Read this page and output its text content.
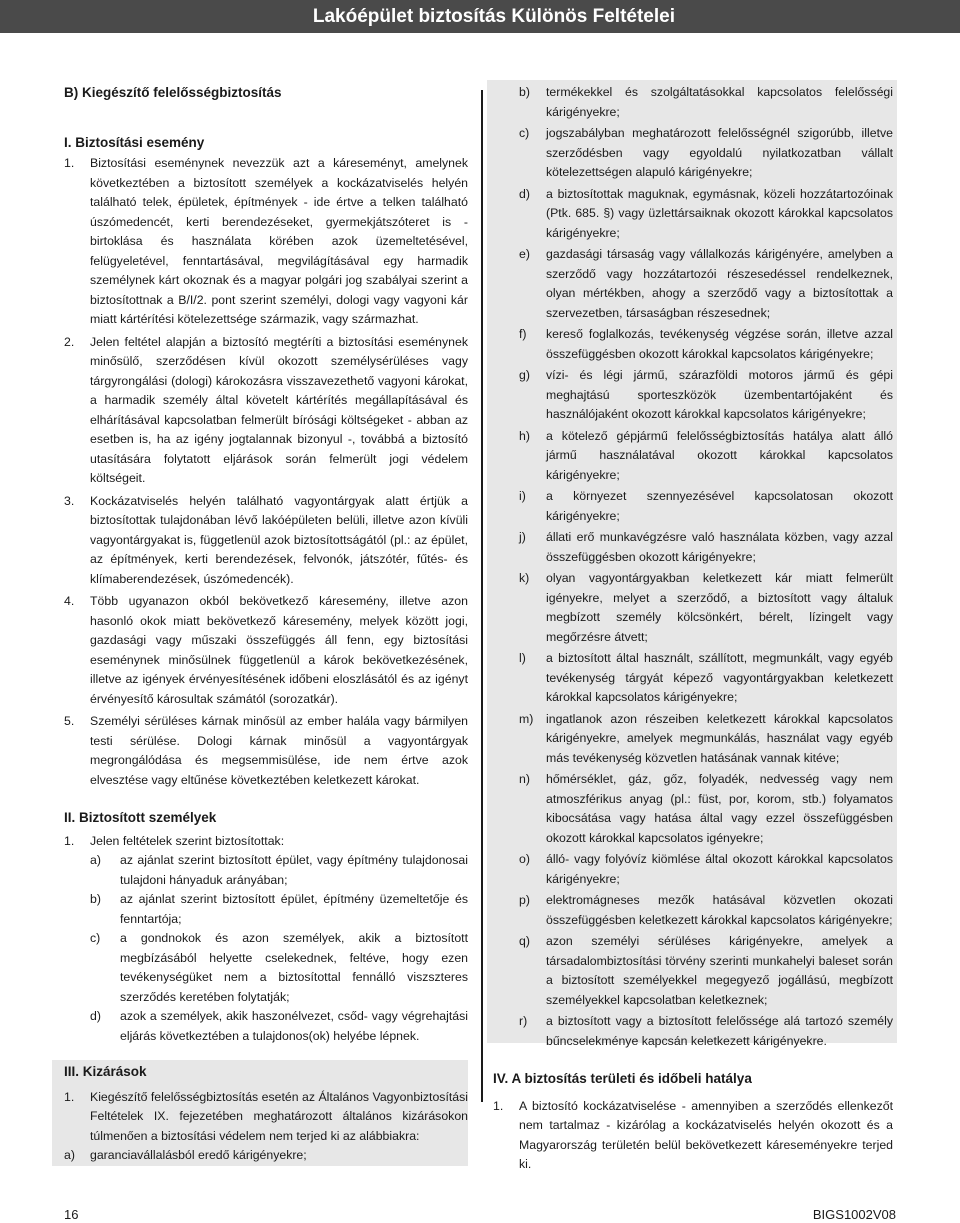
Lakóépület biztosítás Különös Feltételei

B) Kiegészítő felelősségbiztosítás

I. Biztosítási esemény

1. Biztosítási eseménynek nevezzük azt a káreseményt, amelynek következtében a biztosított személyek a kockázatviselés helyén található telek, épületek, építmények - ide értve a telken található úszómedencét, kerti berendezéseket, gyermekjátszóteret is - birtoklása és használata körében azok üzemeltetésével, felügyeletével, fenntartásával, megvilágításával egy harmadik személynek kárt okoznak és a magyar polgári jog szabályai szerint a biztosítottnak a B/I/2. pont szerint személyi, dologi vagy vagyoni kár miatt kártérítési kötelezettsége származik, vagy származhat.
2. Jelen feltétel alapján a biztosító megtéríti a biztosítási eseménynek minősülő, szerződésen kívül okozott személysérüléses vagy tárgyrongálási (dologi) károkozásra visszavezethető vagyoni károkat, a harmadik személy által követelt kártérítés megállapításával és elhárításával kapcsolatban felmerült bírósági költségeket - abban az esetben is, ha az igény jogtalannak bizonyul -, továbbá a biztosító utasítására folytatott eljárások során felmerült jogi védelem költségeit.
3. Kockázatviselés helyén található vagyontárgyak alatt értjük a biztosítottak tulajdonában lévő lakóépületen belüli, illetve azon kívüli vagyontárgyakat is, függetlenül azok biztosítottságától (pl.: az épület, az építmények, kerti berendezések, felvonók, játszótér, fűtés- és klímaberendezések, úszómedencék).
4. Több ugyanazon okból bekövetkező káresemény, illetve azon hasonló okok miatt bekövetkező káresemény, melyek között jogi, gazdasági vagy műszaki összefüggés áll fenn, egy biztosítási eseménynek minősülnek függetlenül a károk bekövetkezésének, illetve az igények érvényesítésének időbeni eloszlásától és az igényt érvényesítő károsultak számától (sorozatkár).
5. Személyi sérüléses kárnak minősül az ember halála vagy bármilyen testi sérülése. Dologi kárnak minősül a vagyontárgyak megrongálódása és megsemmisülése, ide nem értve azok elvesztése vagy eltűnése következtében keletkezett károkat.

II. Biztosított személyek

1. Jelen feltételek szerint biztosítottak:
a) az ajánlat szerint biztosított épület, vagy építmény tulajdonosai tulajdoni hányaduk arányában;
b) az ajánlat szerint biztosított épület, építmény üzemeltetője és fenntartója;
c) a gondnokok és azon személyek, akik a biztosított megbízásából helyette cselekednek, feltéve, hogy ezen tevékenységüket nem a biztosítottal fennálló viszszteres szerződés keretében folytatják;
d) azok a személyek, akik haszonélvezet, csőd- vagy végrehajtási eljárás következtében a tulajdonos(ok) helyébe lépnek.

III. Kizárások

1. Kiegészítő felelősségbiztosítás esetén az Általános Vagyonbiztosítási Feltételek IX. fejezetében meghatározott általános kizárásokon túlmenően a biztosítási védelem nem terjed ki az alábbiakra:
a) garanciavállalásból eredő kárigényekre;
b) termékekkel és szolgáltatásokkal kapcsolatos felelősségi kárigényekre;
c) jogszabályban meghatározott felelősségnél szigorúbb, illetve szerződésben vagy egyoldalú nyilatkozatban vállalt kötelezettségen alapuló kárigényekre;
d) a biztosítottak maguknak, egymásnak, közeli hozzátartozóinak (Ptk. 685. §) vagy üzlettársaiknak okozott károkkal kapcsolatos kárigényekre;
e) gazdasági társaság vagy vállalkozás kárigényére, amelyben a szerződő vagy hozzátartozói részesedéssel rendelkeznek, olyan mértékben, ahogy a szerződő vagy a biztosítottak a szervezetben, társaságban részesednek;
f) kereső foglalkozás, tevékenység végzése során, illetve azzal összefüggésben okozott károkkal kapcsolatos kárigényekre;
g) vízi- és légi jármű, szárazföldi motoros jármű és gépi meghajtású sporteszközök üzembentartójaként és használójaként okozott károkkal kapcsolatos kárigényekre;
h) a kötelező gépjármű felelősségbiztosítás hatálya alatt álló jármű használatával okozott károkkal kapcsolatos kárigényekre;
i) a környezet szennyezésével kapcsolatosan okozott kárigényekre;
j) állati erő munkavégzésre való használata közben, vagy azzal összefüggésben okozott kárigényekre;
k) olyan vagyontárgyakban keletkezett kár miatt felmerült igényekre, melyet a szerződő, a biztosított vagy általuk megbízott személy kölcsönkért, bérelt, lízingelt vagy megőrzésre átvett;
l) a biztosított által használt, szállított, megmunkált, vagy egyéb tevékenység tárgyát képező vagyontárgyakban keletkezett károkkal kapcsolatos kárigényekre;
m) ingatlanok azon részeiben keletkezett károkkal kapcsolatos kárigényekre, amelyek megmunkálás, használat vagy egyéb más tevékenység közvetlen hatásának vannak kitéve;
n) hőmérséklet, gáz, gőz, folyadék, nedvesség vagy nem atmoszférikus anyag (pl.: füst, por, korom, stb.) folyamatos kibocsátása vagy hatása által vagy ezzel összefüggésben okozott károkkal kapcsolatos igényekre;
o) álló- vagy folyóvíz kiömlése által okozott károkkal kapcsolatos kárigényekre;
p) elektromágneses mezők hatásával közvetlen okozati összefüggésben keletkezett károkkal kapcsolatos kárigényekre;
q) azon személyi sérüléses kárigényekre, amelyek a társadalombiztosítási törvény szerinti munkahelyi baleset során a biztosított személyekkel megegyező jogállású, megbízott személyekkel kapcsolatban keletkeznek;
r) a biztosított vagy a biztosított felelőssége alá tartozó személy bűncselekménye kapcsán keletkezett kárigényekre.

IV. A biztosítás területi és időbeli hatálya

1. A biztosító kockázatviselése - amennyiben a szerződés ellenkezőt nem tartalmaz - kizárólag a kockázatviselés helyén okozott és a Magyarország területén belül bekövetkezett káreseményekre terjed ki.
16	BIGS1002V08
